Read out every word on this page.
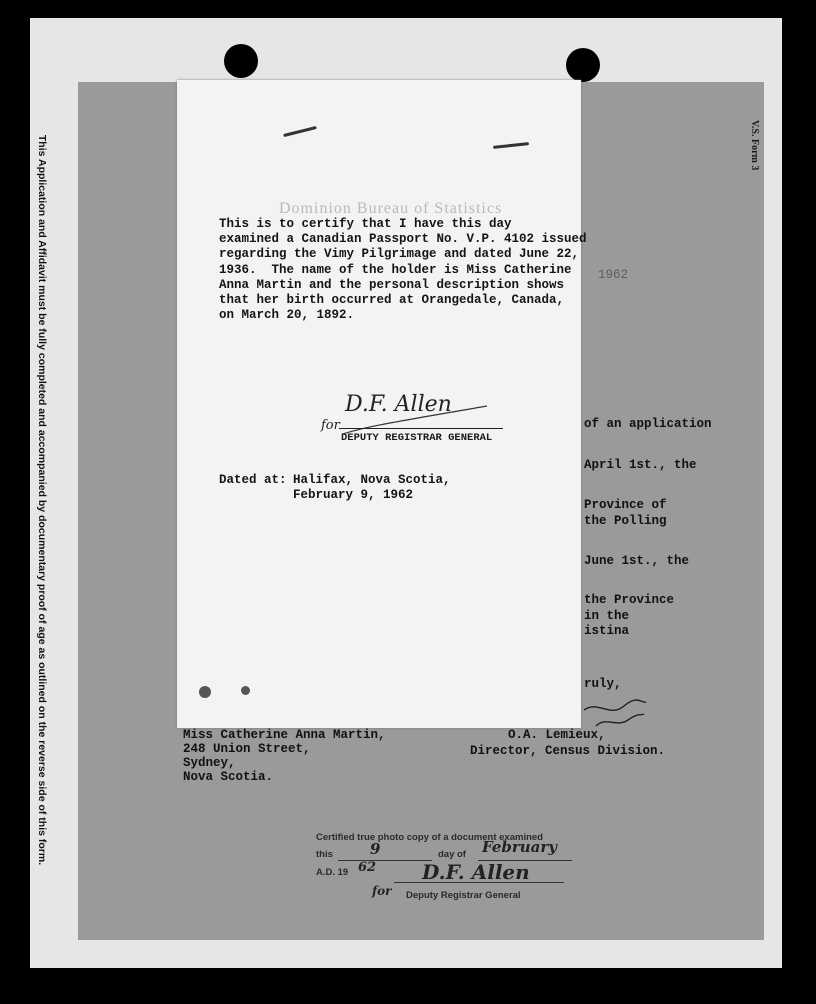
This Application and Affidavit must be fully completed and accompanied by documentary proof of age as outlined on the reverse side of this form.	V.S. Form 3
1962
of an application
April 1st., the
Province of
the Polling
June 1st., the
the Province
in the
istina
ruly,
Miss Catherine Anna Martin,
248 Union Street,
Sydney,
Nova Scotia.
O.A. Lemieux,
Director, Census Division.
Dominion Bureau of Statistics
This is to certify that I have this day
examined a Canadian Passport No. V.P. 4102 issued
regarding the Vimy Pilgrimage and dated June 22,
1936.  The name of the holder is Miss Catherine
Anna Martin and the personal description shows
that her birth occurred at Orangedale, Canada,
on March 20, 1892.
for
D.F. Allen
DEPUTY REGISTRAR GENERAL
Dated at: Halifax, Nova Scotia,
February 9, 1962
Certified true photo copy of a document examined
this 9	day of February
A.D. 19 62 D.F. Allen
for Deputy Registrar General
